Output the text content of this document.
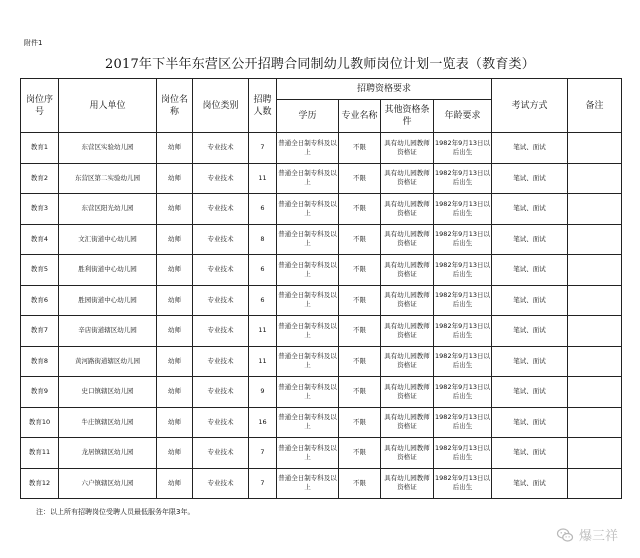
附件1
2017年下半年东营区公开招聘合同制幼儿教师岗位计划一览表（教育类）
岗位序号	用人单位	岗位名称	岗位类别	招聘人数	招聘资格要求				考试方式	备注
					学历	专业名称	其他资格条件	年龄要求		
教育1	东营区实验幼儿园	幼师	专业技术	7	普通全日制专科及以上	不限	具有幼儿园教师资格证	1982年9月13日以后出生	笔试、面试	
教育2	东营区第二实验幼儿园	幼师	专业技术	11	普通全日制专科及以上	不限	具有幼儿园教师资格证	1982年9月13日以后出生	笔试、面试	
教育3	东营区阳光幼儿园	幼师	专业技术	6	普通全日制专科及以上	不限	具有幼儿园教师资格证	1982年9月13日以后出生	笔试、面试	
教育4	文汇街道中心幼儿园	幼师	专业技术	8	普通全日制专科及以上	不限	具有幼儿园教师资格证	1982年9月13日以后出生	笔试、面试	
教育5	胜利街道中心幼儿园	幼师	专业技术	6	普通全日制专科及以上	不限	具有幼儿园教师资格证	1982年9月13日以后出生	笔试、面试	
教育6	胜园街道中心幼儿园	幼师	专业技术	6	普通全日制专科及以上	不限	具有幼儿园教师资格证	1982年9月13日以后出生	笔试、面试	
教育7	辛店街道辖区幼儿园	幼师	专业技术	11	普通全日制专科及以上	不限	具有幼儿园教师资格证	1982年9月13日以后出生	笔试、面试	
教育8	黄河路街道辖区幼儿园	幼师	专业技术	11	普通全日制专科及以上	不限	具有幼儿园教师资格证	1982年9月13日以后出生	笔试、面试	
教育9	史口镇辖区幼儿园	幼师	专业技术	9	普通全日制专科及以上	不限	具有幼儿园教师资格证	1982年9月13日以后出生	笔试、面试	
教育10	牛庄镇辖区幼儿园	幼师	专业技术	16	普通全日制专科及以上	不限	具有幼儿园教师资格证	1982年9月13日以后出生	笔试、面试	
教育11	龙居镇辖区幼儿园	幼师	专业技术	7	普通全日制专科及以上	不限	具有幼儿园教师资格证	1982年9月13日以后出生	笔试、面试	
教育12	六户镇辖区幼儿园	幼师	专业技术	7	普通全日制专科及以上	不限	具有幼儿园教师资格证	1982年9月13日以后出生	笔试、面试	
注：以上所有招聘岗位受聘人员最低服务年限3年。
爆三祥
